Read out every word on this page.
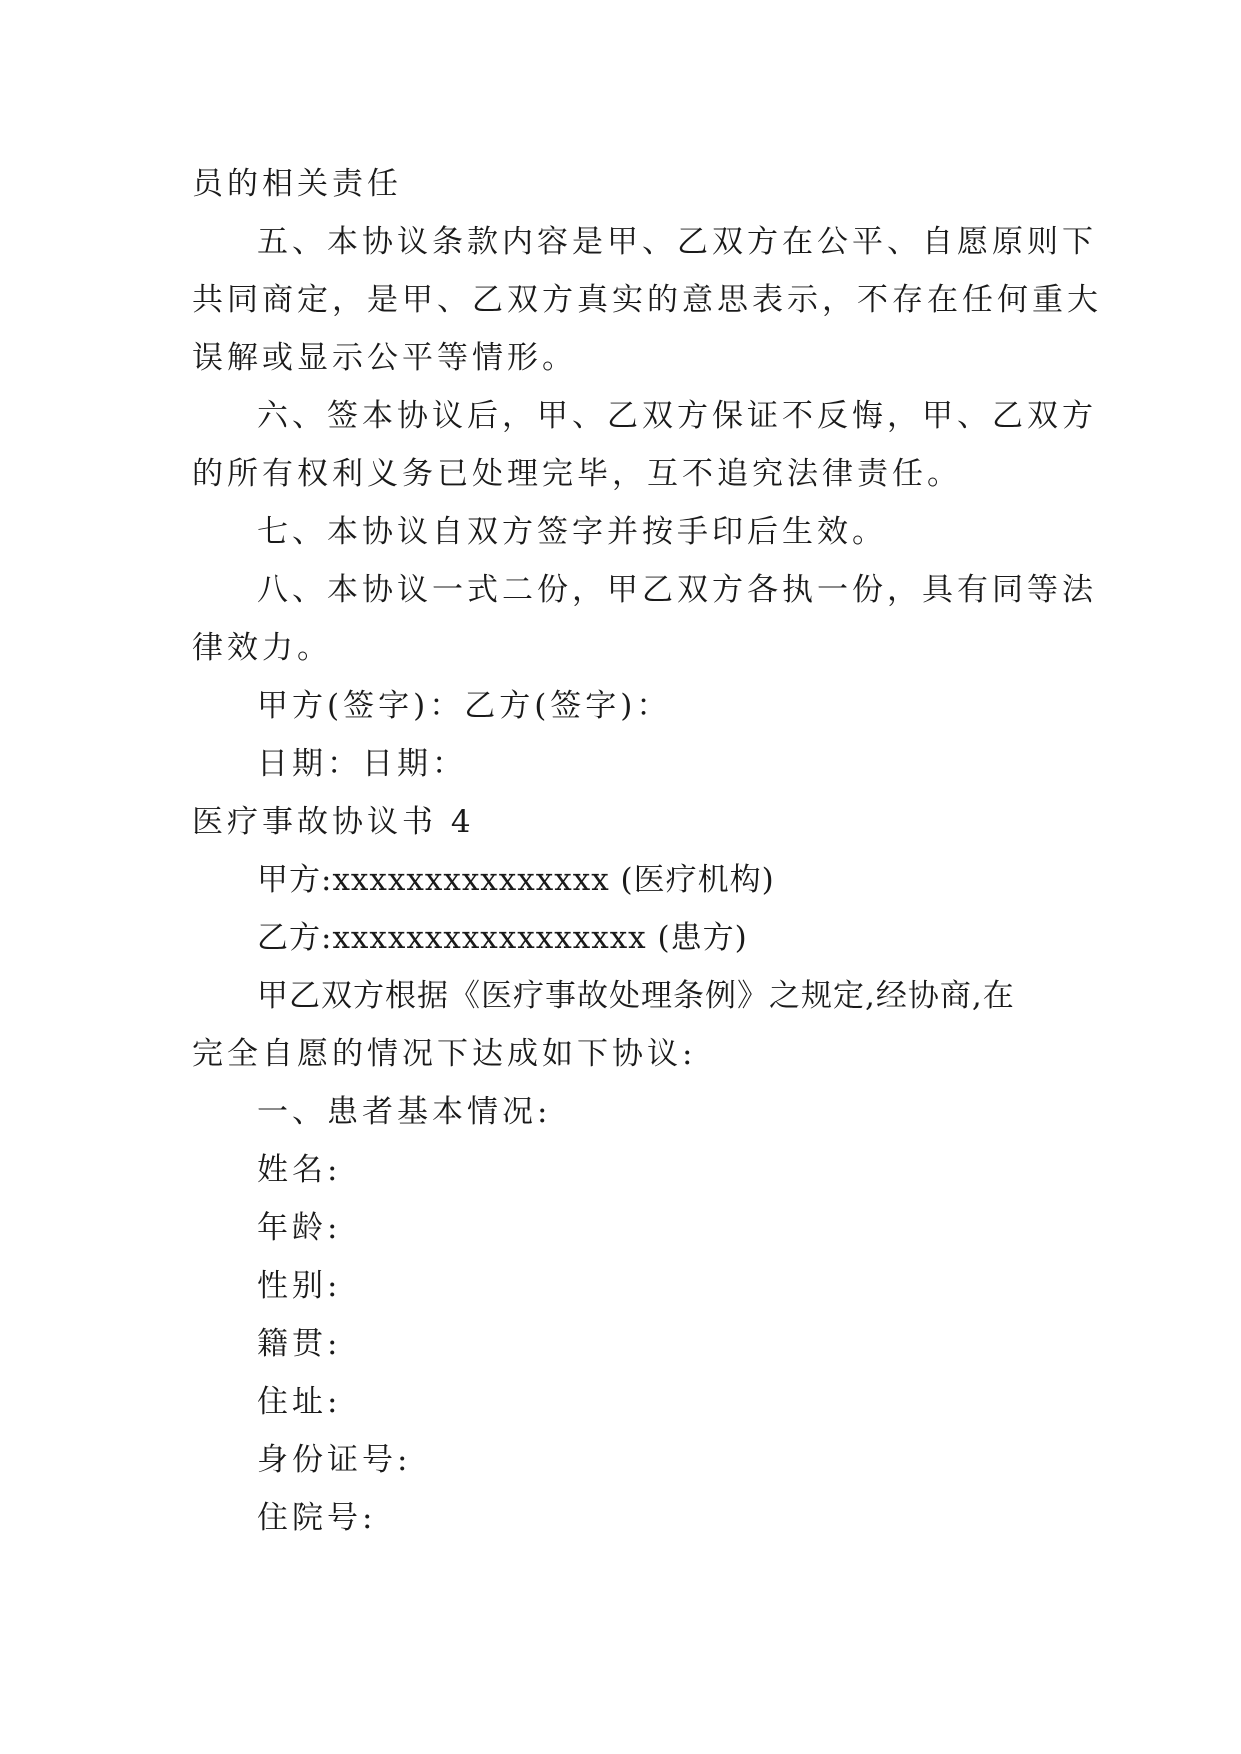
员的相关责任
五、本协议条款内容是甲、乙双方在公平、自愿原则下
共同商定，是甲、乙双方真实的意思表示，不存在任何重大
误解或显示公平等情形。
六、签本协议后，甲、乙双方保证不反悔，甲、乙双方
的所有权利义务已处理完毕，互不追究法律责任。
七、本协议自双方签字并按手印后生效。
八、本协议一式二份，甲乙双方各执一份，具有同等法
律效力。
甲方(签字)：乙方(签字)：
日期：日期：
医疗事故协议书 4
甲方:xxxxxxxxxxxxxxx (医疗机构)
乙方:xxxxxxxxxxxxxxxxx (患方)
甲乙双方根据《医疗事故处理条例》之规定,经协商,在
完全自愿的情况下达成如下协议:
一、患者基本情况:
姓名:
年龄:
性别:
籍贯:
住址:
身份证号:
住院号:
